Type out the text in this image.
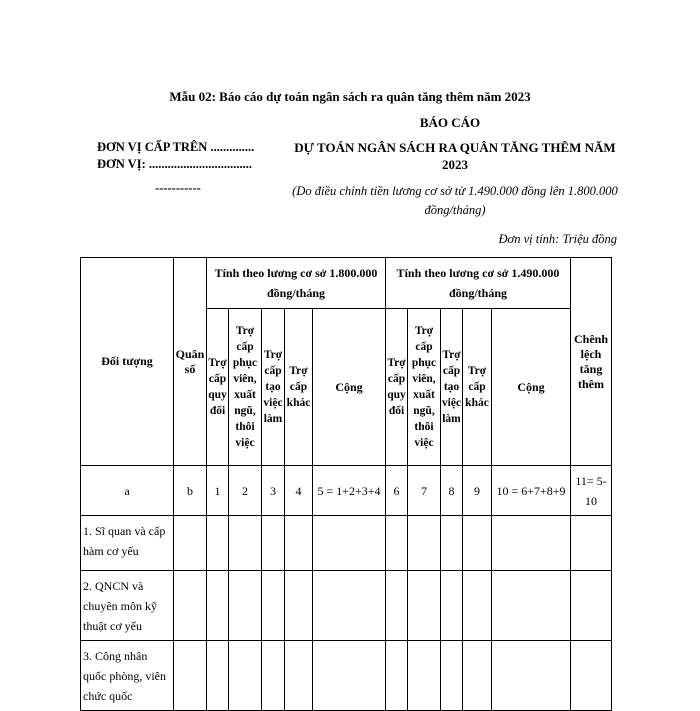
Mẫu 02: Báo cáo dự toán ngân sách ra quân tăng thêm năm 2023
ĐƠN VỊ CẤP TRÊN ..............
ĐƠN VỊ: .................................
-----------
BÁO CÁO
DỰ TOÁN NGÂN SÁCH RA QUÂN TĂNG THÊM NĂM 2023
(Do điều chỉnh tiền lương cơ sở từ 1.490.000 đồng lên 1.800.000 đồng/tháng)
Đơn vị tính: Triệu đồng
Đối tượng	Quân số	Tính theo lương cơ sở 1.800.000 đồng/tháng					Tính theo lương cơ sở 1.490.000 đồng/tháng					Chênh lệch tăng thêm
		Trợ cấp quy đổi	Trợ cấp phục viên, xuất ngũ, thôi việc	Trợ cấp tạo việc làm	Trợ cấp khác	Cộng	Trợ cấp quy đổi	Trợ cấp phục viên, xuất ngũ, thôi việc	Trợ cấp tạo việc làm	Trợ cấp khác	Cộng	
a	b	1	2	3	4	5 = 1+2+3+4	6	7	8	9	10 = 6+7+8+9	11= 5-10
1. Sĩ quan và cấp hàm cơ yếu												
2. QNCN và chuyên môn kỹ thuật cơ yếu												
3. Công nhân quốc phòng, viên chức quốc												
